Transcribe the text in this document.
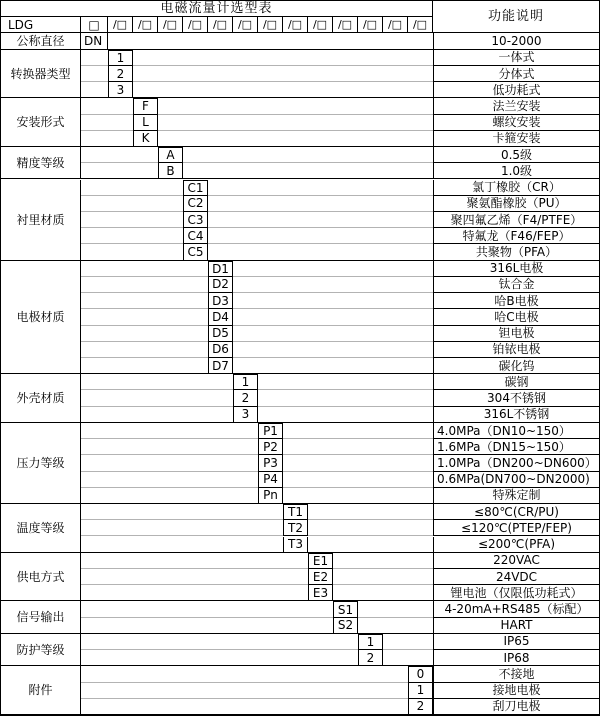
电磁流量计选型表
功能说明
LDG	□	/□ /□ /□ /□ /□ /□ /□ /□ /□ /□ /□ /□ /□
公称直径	DN	10-2000
转换器类型
1	一体式
2	分体式
3	低功耗式
安装形式
F	法兰安装
L	螺纹安装
K	卡箍安装
精度等级
A	0.5级
B	1.0级
衬里材质
C1	氯丁橡胶（CR）
C2	聚氨酯橡胶（PU）
C3	聚四氟乙烯（F4/PTFE）
C4	特氟龙（F46/FEP）
C5	共聚物（PFA）
电极材质
D1	316L电极
D2	钛合金
D3	哈B电极
D4	哈C电极
D5	钽电极
D6	铂铱电极
D7	碳化钨
外壳材质
1	碳钢
2	304不锈钢
3	316L不锈钢
压力等级
P1	4.0MPa（DN10~150）
P2	1.6MPa（DN15~150）
P3	1.0MPa（DN200~DN600）
P4	0.6MPa(DN700~DN2000)
Pn	特殊定制
温度等级
T1	≤80℃(CR/PU)
T2	≤120℃(PTEP/FEP)
T3	≤200℃(PFA)
供电方式
E1	220VAC
E2	24VDC
E3	锂电池（仅限低功耗式）
信号输出
S1	4-20mA+RS485（标配）
S2	HART
防护等级
1	IP65
2	IP68
附件
0	不接地
1	接地电极
2	刮刀电极
